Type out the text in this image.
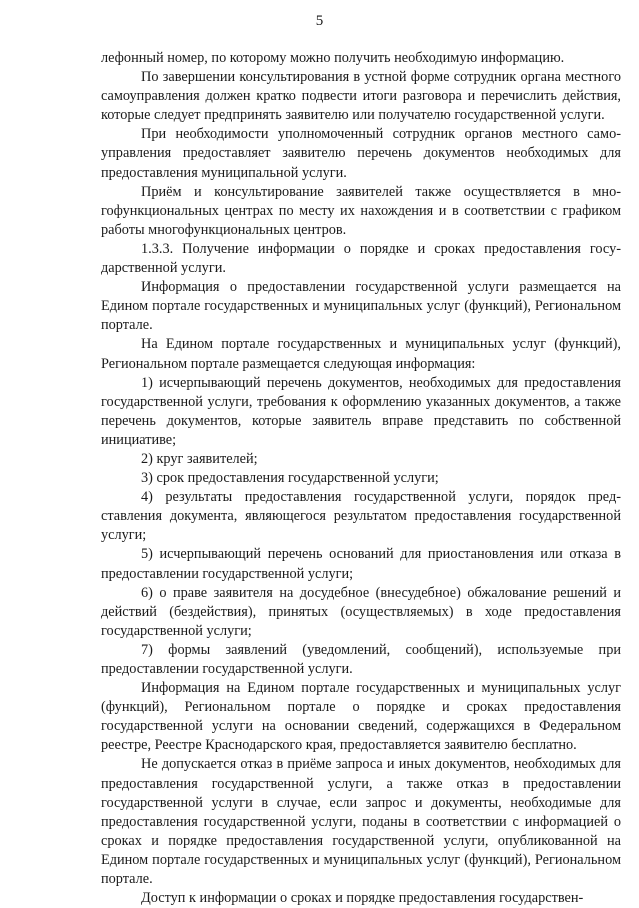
5

лефонный номер, по которому можно получить необходимую информацию.

По завершении консультирования в устной форме сотрудник органа местного самоуправления должен кратко подвести итоги разговора и перечислить действия, которые следует предпринять заявителю или получателю государственной услуги.

При необходимости уполномоченный сотрудник органов местного самоуправления предоставляет заявителю перечень документов необходимых для предоставления муниципальной услуги.

Приём и консультирование заявителей также осуществляется в многофункциональных центрах по месту их нахождения и в соответствии с графиком работы многофункциональных центров.

1.3.3. Получение информации о порядке и сроках предоставления государственной услуги.

Информация о предоставлении государственной услуги размещается на Едином портале государственных и муниципальных услуг (функций), Региональном портале.

На Едином портале государственных и муниципальных услуг (функций), Региональном портале размещается следующая информация:

1) исчерпывающий перечень документов, необходимых для предоставления государственной услуги, требования к оформлению указанных документов, а также перечень документов, которые заявитель вправе представить по собственной инициативе;

2) круг заявителей;

3) срок предоставления государственной услуги;

4) результаты предоставления государственной услуги, порядок представления документа, являющегося результатом предоставления государственной услуги;

5) исчерпывающий перечень оснований для приостановления или отказа в предоставлении государственной услуги;

6) о праве заявителя на досудебное (внесудебное) обжалование решений и действий (бездействия), принятых (осуществляемых) в ходе предоставления государственной услуги;

7) формы заявлений (уведомлений, сообщений), используемые при предоставлении государственной услуги.

Информация на Едином портале государственных и муниципальных услуг (функций), Региональном портале о порядке и сроках предоставления государственной услуги на основании сведений, содержащихся в Федеральном реестре, Реестре Краснодарского края, предоставляется заявителю бесплатно.

Не допускается отказ в приёме запроса и иных документов, необходимых для предоставления государственной услуги, а также отказ в предоставлении государственной услуги в случае, если запрос и документы, необходимые для предоставления государственной услуги, поданы в соответствии с информацией о сроках и порядке предоставления государственной услуги, опубликованной на Едином портале государственных и муниципальных услуг (функций), Региональном портале.

Доступ к информации о сроках и порядке предоставления государствен-
